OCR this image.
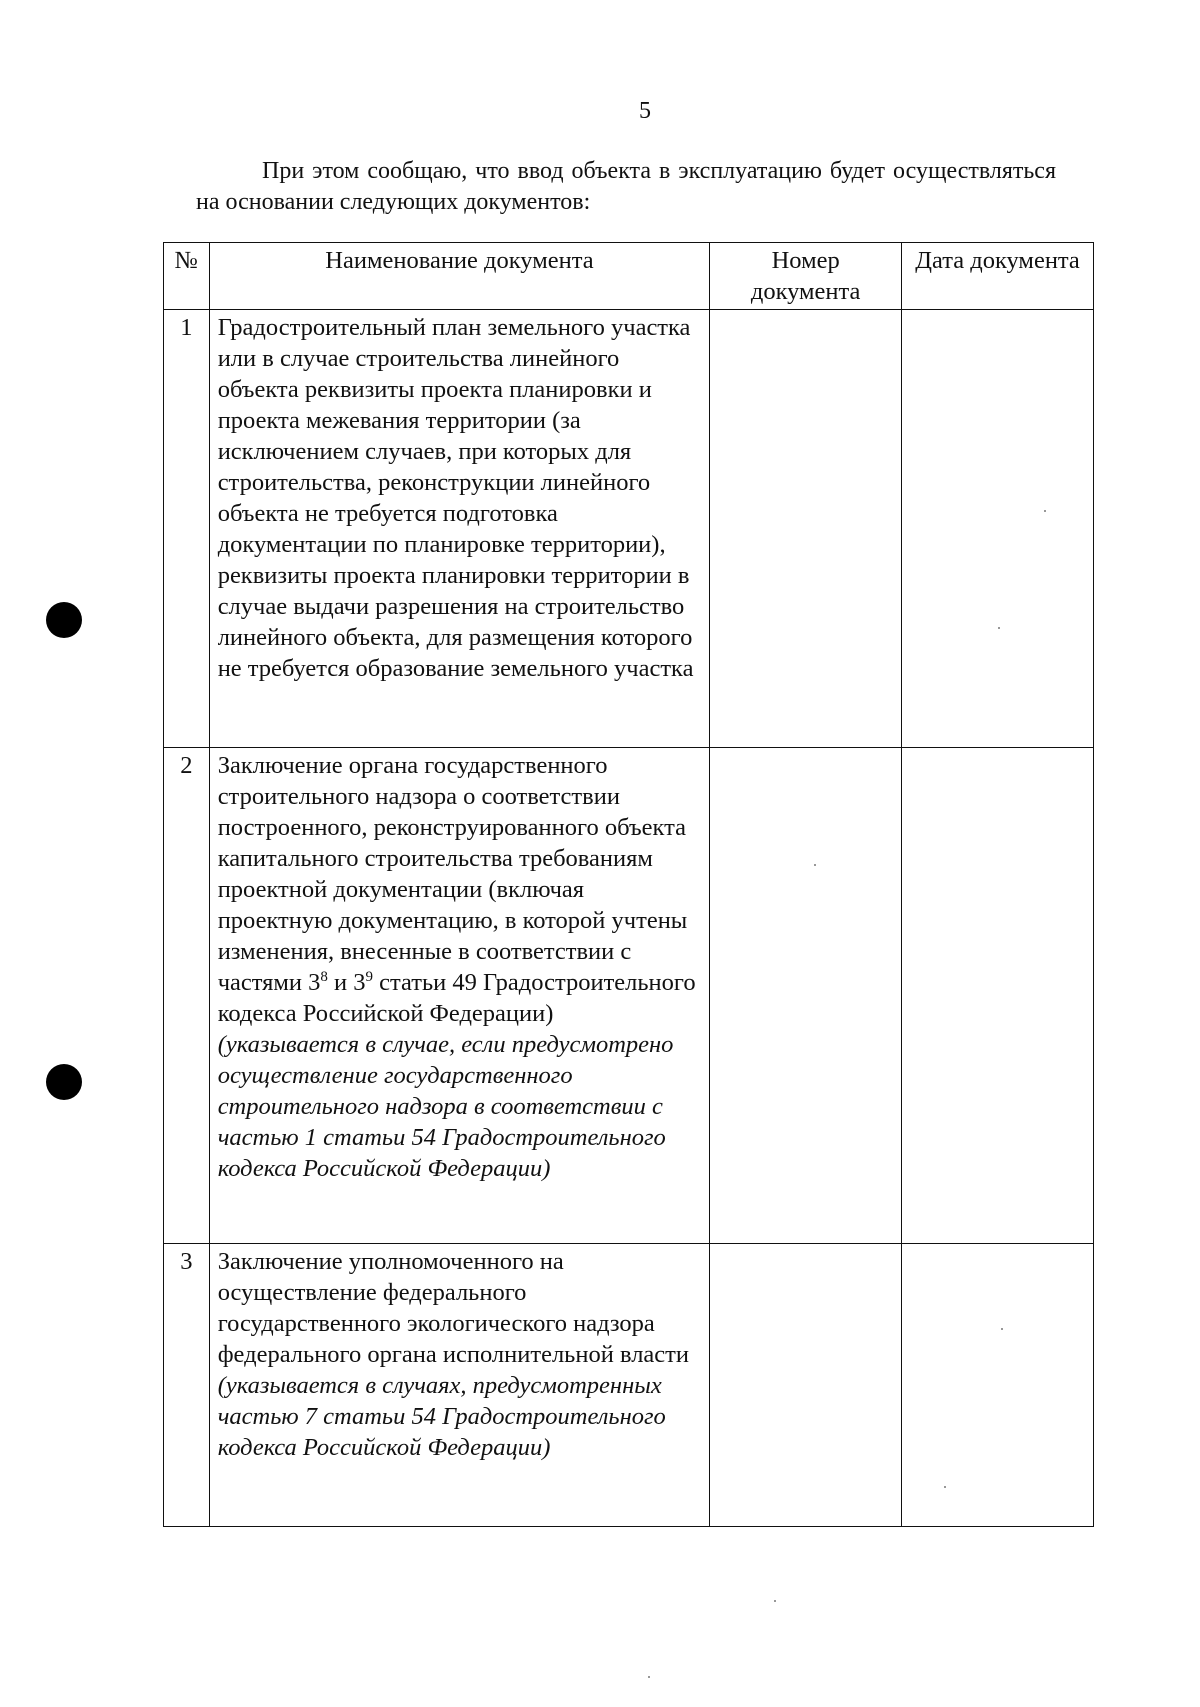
5

При этом сообщаю, что ввод объекта в эксплуатацию будет осуществляться на основании следующих документов:

№	Наименование документа	Номер документа	Дата документа
1	Градостроительный план земельного участка или в случае строительства линейного объекта реквизиты проекта планировки и проекта межевания территории (за исключением случаев, при которых для строительства, реконструкции линейного объекта не требуется подготовка документации по планировке территории), реквизиты проекта планировки территории в случае выдачи разрешения на строительство линейного объекта, для размещения которого не требуется образование земельного участка		
2	Заключение органа государственного строительного надзора о соответствии построенного, реконструированного объекта капитального строительства требованиям проектной документации (включая проектную документацию, в которой учтены изменения, внесенные в соответствии с частями $3^8$ и $3^9$ статьи 49 Градостроительного кодекса Российской Федерации)
(указывается в случае, если предусмотрено осуществление государственного строительного надзора в соответствии с частью 1 статьи 54 Градостроительного кодекса Российской Федерации)		

3	Заключение уполномоченного на осуществление федерального государственного экологического надзора федерального органа исполнительной власти
(указывается в случаях, предусмотренных частью 7 статьи 54 Градостроительного кодекса Российской Федерации)		
